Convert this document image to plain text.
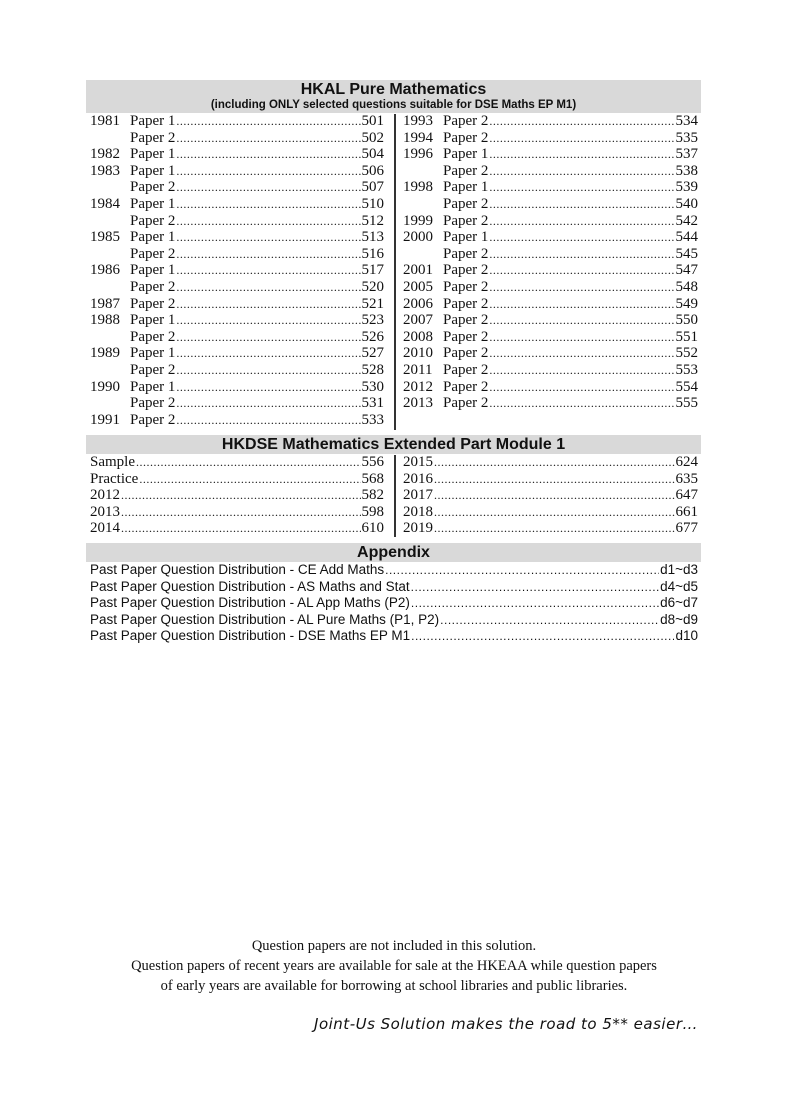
HKAL Pure Mathematics
(including ONLY selected questions suitable for DSE Maths EP M1)
1981 Paper 1 .....	501
Paper 2 .....	502
1982 Paper 1 .....	504
1983 Paper 1 .....	506
Paper 2 .....	507
1984 Paper 1 .....	510
Paper 2 .....	512
1985 Paper 1 .....	513
Paper 2 .....	516
1986 Paper 1 .....	517
Paper 2 .....	520
1987 Paper 2 .....	521
1988 Paper 1 .....	523
Paper 2 .....	526
1989 Paper 1 .....	527
Paper 2 .....	528
1990 Paper 1 .....	530
Paper 2 .....	531
1991 Paper 2 .....	533
1993 Paper 2 .....	534
1994 Paper 2 .....	535
1996 Paper 1 .....	537
Paper 2 .....	538
1998 Paper 1 .....	539
Paper 2 .....	540
1999 Paper 2 .....	542
2000 Paper 1 .....	544
Paper 2 .....	545
2001 Paper 2 .....	547
2005 Paper 2 .....	548
2006 Paper 2 .....	549
2007 Paper 2 .....	550
2008 Paper 2 .....	551
2010 Paper 2 .....	552
2011 Paper 2 .....	553
2012 Paper 2 .....	554
2013 Paper 2 .....	555
HKDSE Mathematics Extended Part Module 1
Sample .....	556
Practice .....	568
2012 .....	582
2013 .....	598
2014 .....	610
2015 .....	624
2016 .....	635
2017 .....	647
2018 .....	661
2019 .....	677
Appendix
Past Paper Question Distribution - CE Add Maths .....	d1~d3
Past Paper Question Distribution - AS Maths and Stat .....	d4~d5
Past Paper Question Distribution - AL App Maths (P2) .....	d6~d7
Past Paper Question Distribution - AL Pure Maths (P1, P2) .....	d8~d9
Past Paper Question Distribution - DSE Maths EP M1 .....	d10
Question papers are not included in this solution.
Question papers of recent years are available for sale at the HKEAA while question papers
of early years are available for borrowing at school libraries and public libraries.
Joint-Us Solution makes the road to 5** easier…
